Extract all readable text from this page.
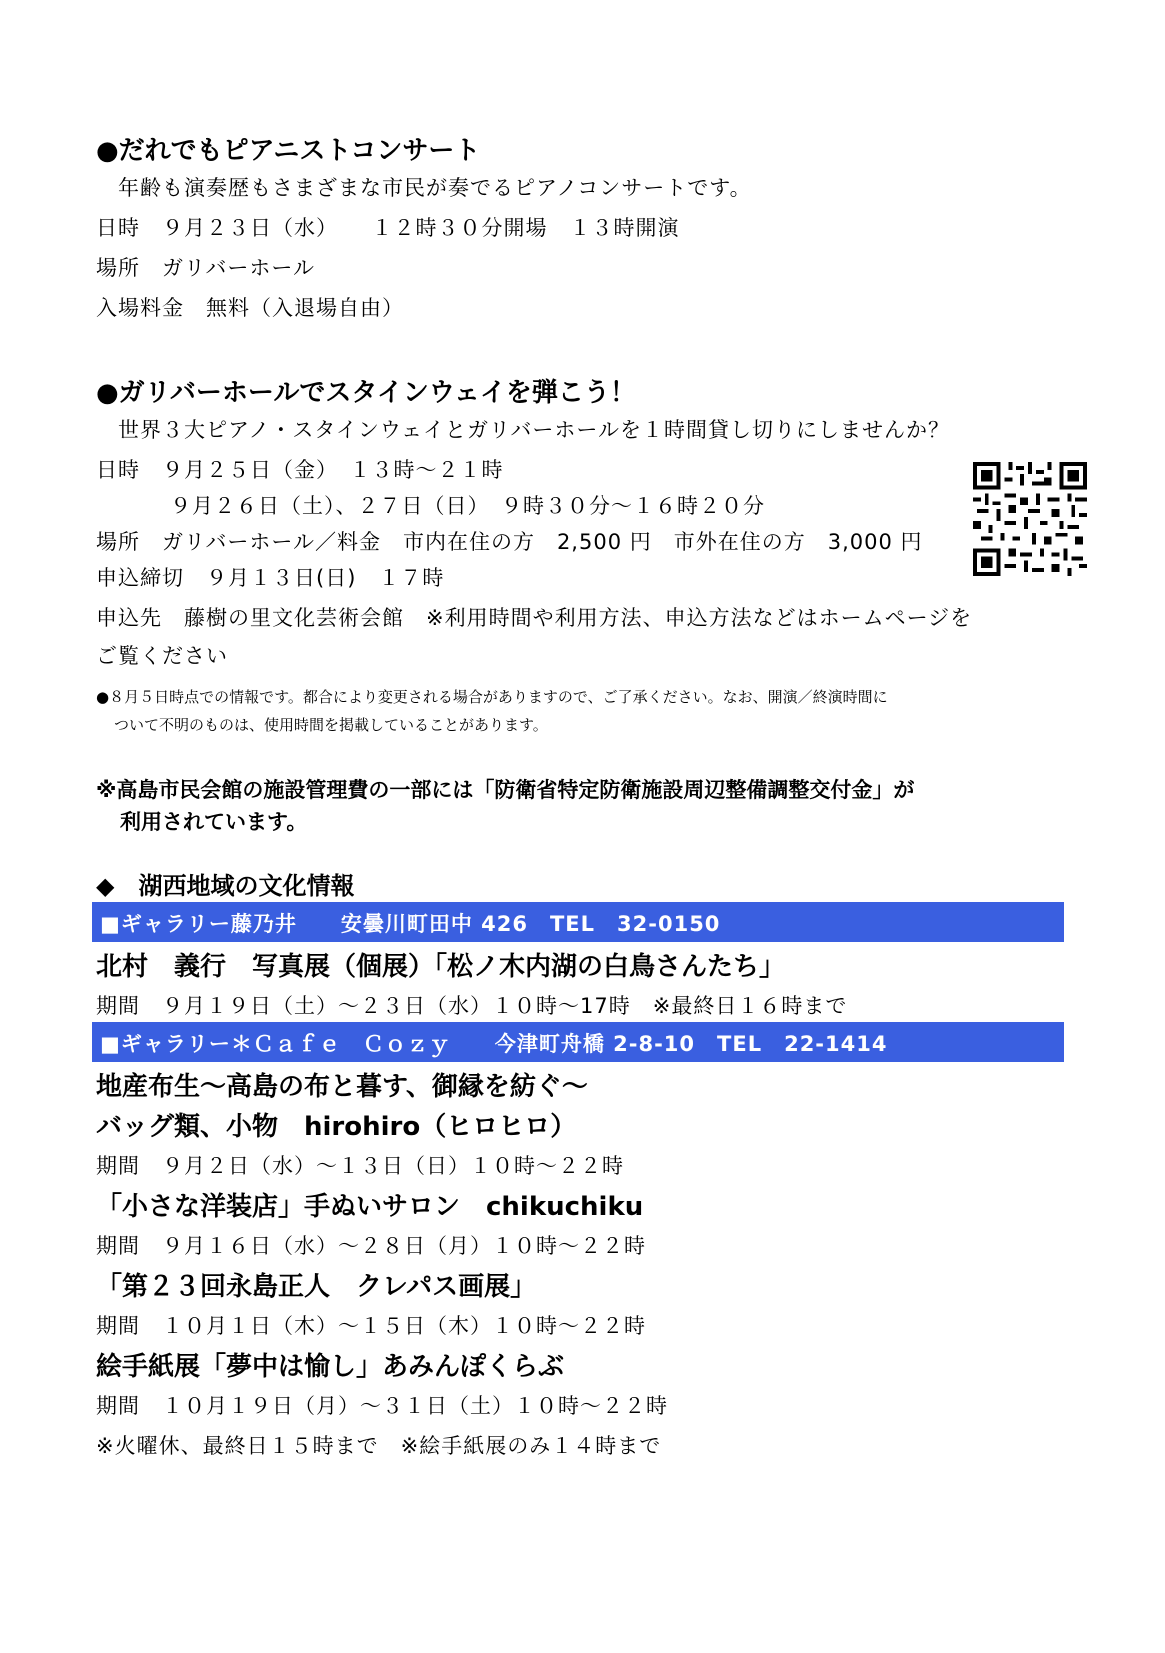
●だれでもピアニストコンサート
年齢も演奏歴もさまざまな市民が奏でるピアノコンサートです。
日時　９月２３日（水）　　１２時３０分開場　１３時開演
場所　ガリバーホール
入場料金　無料（入退場自由）
●ガリバーホールでスタインウェイを弾こう！
世界３大ピアノ・スタインウェイとガリバーホールを１時間貸し切りにしませんか？
日時　９月２５日（金）　１３時～２１時
９月２６日（土）、２７日（日）　９時３０分～１６時２０分
場所　ガリバーホール／料金　市内在住の方　2,500 円　市外在住の方　3,000 円
申込締切　９月１３日(日)　１７時
申込先　藤樹の里文化芸術会館　※利用時間や利用方法、申込方法などはホームページを
ご覧ください
●８月５日時点での情報です。都合により変更される場合がありますので、ご了承ください。なお、開演／終演時間に
ついて不明のものは、使用時間を掲載していることがあります。
※高島市民会館の施設管理費の一部には「防衛省特定防衛施設周辺整備調整交付金」が
利用されています。
◆　湖西地域の文化情報
■ギャラリー藤乃井　　安曇川町田中 426　TEL　32-0150
北村　義行　写真展（個展）「松ノ木内湖の白鳥さんたち」
期間　９月１９日（土）～２３日（水）１０時～17時　※最終日１６時まで
■ギャラリー＊Ｃａｆｅ　Ｃｏｚｙ　　今津町舟橋 2-8-10　TEL　22-1414
地産布生～高島の布と暮す、御縁を紡ぐ～
バッグ類、小物　hirohiro（ヒロヒロ）
期間　９月２日（水）～１３日（日）１０時～２２時
「小さな洋装店」手ぬいサロン　chikuchiku
期間　９月１６日（水）～２８日（月）１０時～２２時
「第２３回永島正人　クレパス画展」
期間　１０月１日（木）～１５日（木）１０時～２２時
絵手紙展「夢中は愉し」あみんぽくらぶ
期間　１０月１９日（月）～３１日（土）１０時～２２時
※火曜休、最終日１５時まで　※絵手紙展のみ１４時まで
